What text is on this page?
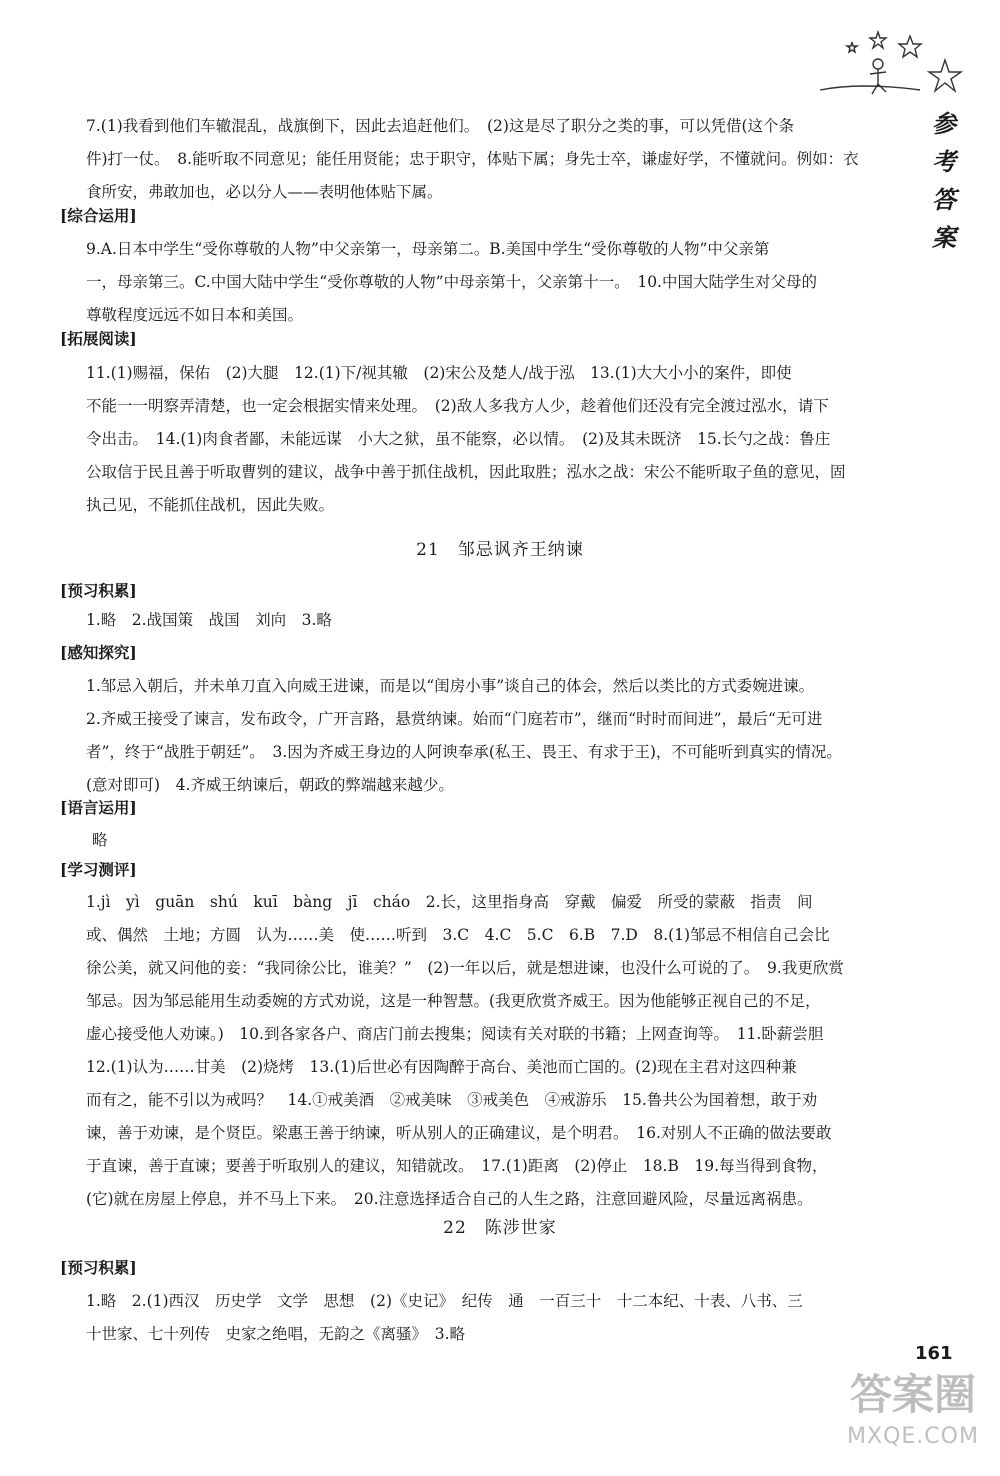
参
考
答
案
7.(1)我看到他们车辙混乱，战旗倒下，因此去追赶他们。　(2)这是尽了职分之类的事，可以凭借(这个条
件)打一仗。　8.能听取不同意见；能任用贤能；忠于职守，体贴下属；身先士卒，谦虚好学，不懂就问。例如：衣
食所安，弗敢加也，必以分人——表明他体贴下属。
[综合运用]
9.A.日本中学生“受你尊敬的人物”中父亲第一，母亲第二。B.美国中学生“受你尊敬的人物”中父亲第
一，母亲第三。C.中国大陆中学生“受你尊敬的人物”中母亲第十，父亲第十一。　10.中国大陆学生对父母的
尊敬程度远远不如日本和美国。
[拓展阅读]
11.(1)赐福，保佑　(2)大腿　12.(1)下/视其辙　(2)宋公及楚人/战于泓　13.(1)大大小小的案件，即使
不能一一明察弄清楚，也一定会根据实情来处理。　(2)敌人多我方人少，趁着他们还没有完全渡过泓水，请下
令出击。　14.(1)肉食者鄙，未能远谋　小大之狱，虽不能察，必以情。　(2)及其未既济　15.长勺之战：鲁庄
公取信于民且善于听取曹刿的建议，战争中善于抓住战机，因此取胜；泓水之战：宋公不能听取子鱼的意见，固
执己见，不能抓住战机，因此失败。
21　邹忌讽齐王纳谏
[预习积累]
1.略　2.战国策　战国　刘向　3.略
[感知探究]
1.邹忌入朝后，并未单刀直入向威王进谏，而是以“闺房小事”谈自己的体会，然后以类比的方式委婉进谏。
2.齐威王接受了谏言，发布政令，广开言路，悬赏纳谏。始而“门庭若市”，继而“时时而间进”，最后“无可进
者”，终于“战胜于朝廷”。　3.因为齐威王身边的人阿谀奉承(私王、畏王、有求于王)，不可能听到真实的情况。
(意对即可)　4.齐威王纳谏后，朝政的弊端越来越少。
[语言运用]
略
[学习测评]
1.jì　yì　guān　shú　kuī　bàng　jī　cháo　2.长，这里指身高　穿戴　偏爱　所受的蒙蔽　指责　间
或、偶然　土地；方圆　认为……美　使……听到　3.C　4.C　5.C　6.B　7.D　8.(1)邹忌不相信自己会比
徐公美，就又问他的妾：“我同徐公比，谁美？”　(2)一年以后，就是想进谏，也没什么可说的了。　9.我更欣赏
邹忌。因为邹忌能用生动委婉的方式劝说，这是一种智慧。(我更欣赏齐威王。因为他能够正视自己的不足，
虚心接受他人劝谏。)　10.到各家各户、商店门前去搜集；阅读有关对联的书籍；上网查询等。　11.卧薪尝胆
12.(1)认为……甘美　(2)烧烤　13.(1)后世必有因陶醉于高台、美池而亡国的。(2)现在主君对这四种兼
而有之，能不引以为戒吗？　14.①戒美酒　②戒美味　③戒美色　④戒游乐　15.鲁共公为国着想，敢于劝
谏，善于劝谏，是个贤臣。梁惠王善于纳谏，听从别人的正确建议，是个明君。　16.对别人不正确的做法要敢
于直谏，善于直谏；要善于听取别人的建议，知错就改。　17.(1)距离　(2)停止　18.B　19.每当得到食物，
(它)就在房屋上停息，并不马上下来。　20.注意选择适合自己的人生之路，注意回避风险，尽量远离祸患。
22　陈涉世家
[预习积累]
1.略　2.(1)西汉　历史学　文学　思想　(2)《史记》　纪传　通　一百三十　十二本纪、十表、八书、三
十世家、七十列传　史家之绝唱，无韵之《离骚》　3.略
161
答案圈
MXQE.COM
